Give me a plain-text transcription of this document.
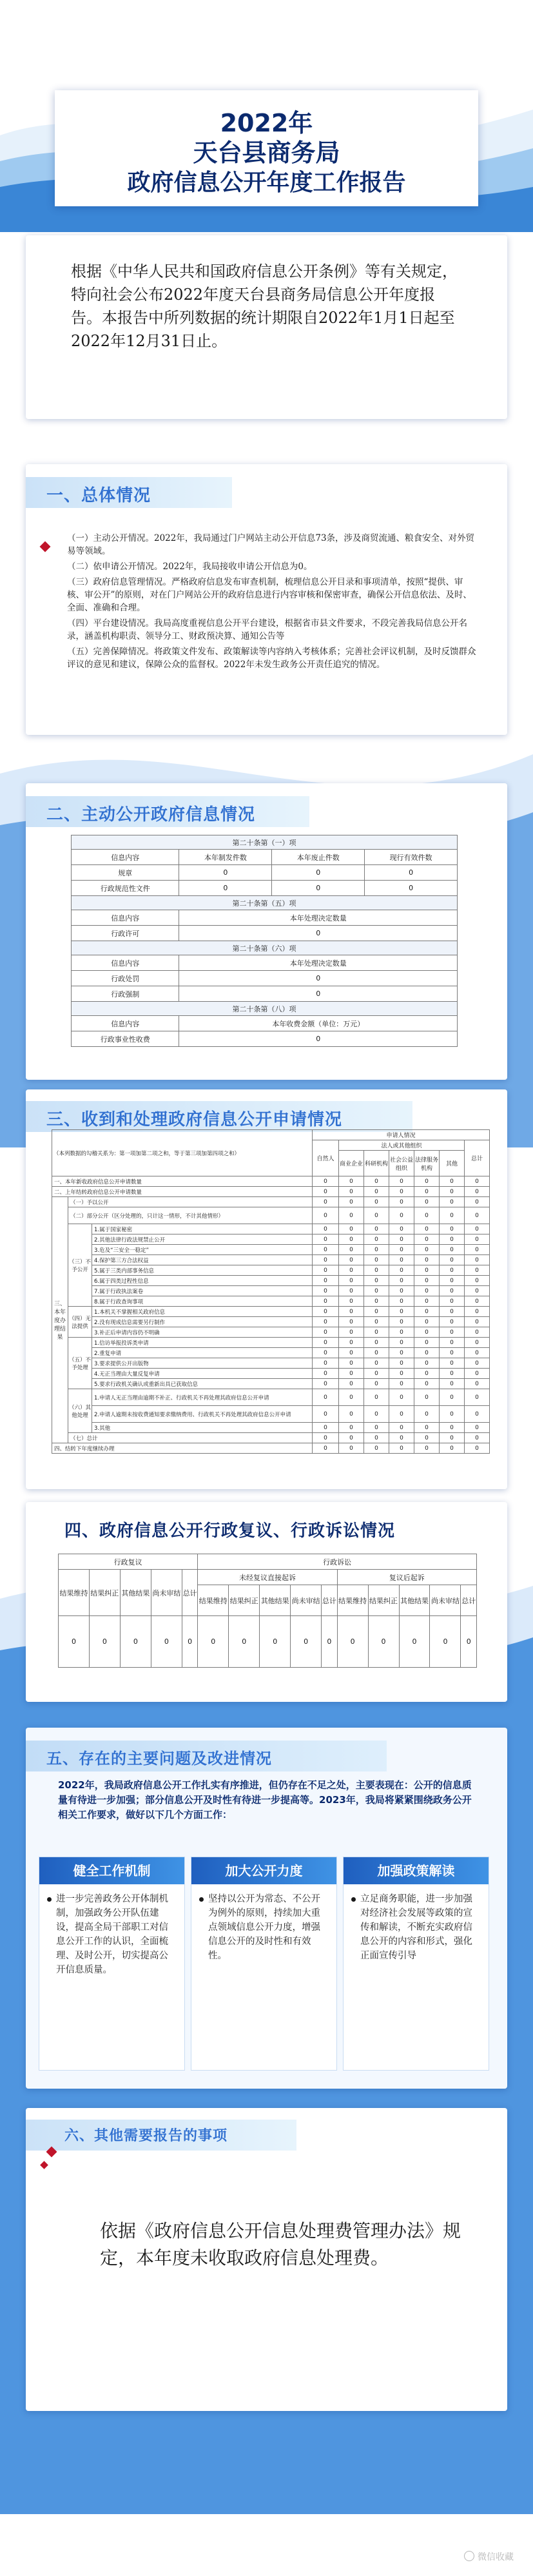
2022年
天台县商务局
政府信息公开年度工作报告

根据《中华人民共和国政府信息公开条例》等有关规定，特向社会公布2022年度天台县商务局信息公开年度报告。本报告中所列数据的统计期限自2022年1月1日起至2022年12月31日止。

一、总体情况

（一）主动公开情况。2022年，我局通过门户网站主动公开信息73条，涉及商贸流通、粮食安全、对外贸易等领域。

（二）依申请公开情况。2022年，我局接收申请公开信息为0。

（三）政府信息管理情况。严格政府信息发布审查机制，梳理信息公开目录和事项清单，按照“提供、审核、审公开”的原则，对在门户网站公开的政府信息进行内容审核和保密审查，确保公开信息依法、及时、全面、准确和合理。

（四）平台建设情况。我局高度重视信息公开平台建设，根据省市县文件要求，不段完善我局信息公开名录，涵盖机构职责、领导分工、财政预决算、通知公告等

（五）完善保障情况。将政策文件发布、政策解读等内容纳入考核体系；完善社会评议机制，及时反馈群众评议的意见和建议，保障公众的监督权。2022年未发生政务公开责任追究的情况。

二、主动公开政府信息情况
第二十条第（一）项			
信息内容	本年制发件数	本年废止件数	现行有效件数
规章	0	0	0
行政规范性文件	0	0	0
第二十条第（五）项			
信息内容	本年处理决定数量		
行政许可	0		
第二十条第（六）项			
信息内容	本年处理决定数量		
行政处罚	0		
行政强制	0		
第二十条第（八）项			
信息内容	本年收费金额（单位：万元）		
行政事业性收费	0		
三、收到和处理政府信息公开申请情况
（本列数据的勾稽关系为：第一项加第二项之和，等于第三项加第四项之和）			申请人情况						
			自然人	法人或其他组织					总计
				商业企业	科研机构	社会公益组织	法律服务机构	其他	
一、本年新收政府信息公开申请数量			0	0	0	0	0	0	0
二、上年结转政府信息公开申请数量			0	0	0	0	0	0	0
三、本年度办理结果	（一）予以公开		0	0	0	0	0	0	0
	（二）部分公开（区分处理的，只计这一情形，不计其他情形）		0	0	0	0	0	0	0
	（三）不予公开	1.属于国家秘密	0	0	0	0	0	0	0
		2.其他法律行政法规禁止公开	0	0	0	0	0	0	0
		3.危及“三安全一稳定”	0	0	0	0	0	0	0
		4.保护第三方合法权益	0	0	0	0	0	0	0
		5.属于三类内部事务信息	0	0	0	0	0	0	0
		6.属于四类过程性信息	0	0	0	0	0	0	0
		7.属于行政执法案卷	0	0	0	0	0	0	0
		8.属于行政查询事项	0	0	0	0	0	0	0
	（四）无法提供	1.本机关不掌握相关政府信息	0	0	0	0	0	0	0
		2.没有现成信息需要另行制作	0	0	0	0	0	0	0
		3.补正后申请内容仍不明确	0	0	0	0	0	0	0
	（五）不予处理	1.信访举报投诉类申请	0	0	0	0	0	0	0
		2.重复申请	0	0	0	0	0	0	0
		3.要求提供公开出版物	0	0	0	0	0	0	0
		4.无正当理由大量反复申请	0	0	0	0	0	0	0
		5.要求行政机关确认或重新出具已获取信息	0	0	0	0	0	0	0
	（六）其他处理	1.申请人无正当理由逾期不补正、行政机关不再处理其政府信息公开申请	0	0	0	0	0	0	0
		2.申请人逾期未按收费通知要求缴纳费用、行政机关不再处理其政府信息公开申请	0	0	0	0	0	0	0
		3.其他	0	0	0	0	0	0	0
	（七）总计		0	0	0	0	0	0	0
四、结转下年度继续办理			0	0	0	0	0	0	0
四、政府信息公开行政复议、行政诉讼情况
行政复议					行政诉讼									
结果维持	结果纠正	其他结果	尚未审结	总计	未经复议直接起诉					复议后起诉				
					结果维持	结果纠正	其他结果	尚未审结	总计	结果维持	结果纠正	其他结果	尚未审结	总计
0	0	0	0	0	0	0	0	0	0	0	0	0	0	0
五、存在的主要问题及改进情况

2022年，我局政府信息公开工作扎实有序推进，但仍存在不足之处，主要表现在：公开的信息质量有待进一步加强；部分信息公开及时性有待进一步提高等。2023年，我局将紧紧围绕政务公开相关工作要求，做好以下几个方面工作：

健全工作机制
进一步完善政务公开体制机制，加强政务公开队伍建设，提高全局干部职工对信息公开工作的认识，全面梳理、及时公开，切实提高公开信息质量。
加大公开力度
坚持以公开为常态、不公开为例外的原则，持续加大重点领域信息公开力度，增强信息公开的及时性和有效性。
加强政策解读
立足商务职能，进一步加强对经济社会发展等政策的宣传和解读，不断充实政府信息公开的内容和形式，强化正面宣传引导
六、其他需要报告的事项

依据《政府信息公开信息处理费管理办法》规定，本年度未收取政府信息处理费。

微信收藏
